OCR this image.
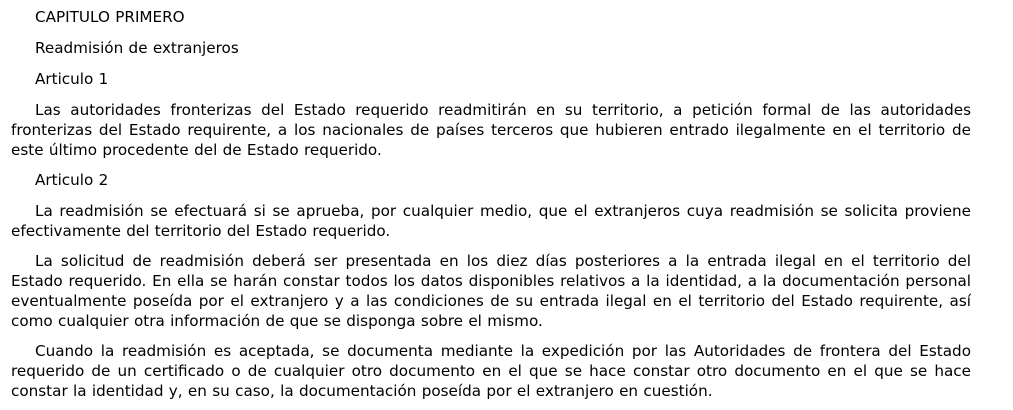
CAPITULO PRIMERO

Readmisión de extranjeros

Articulo 1

Las autoridades fronterizas del Estado requerido readmitirán en su territorio, a petición formal de las autoridades fronterizas del Estado requirente, a los nacionales de países terceros que hubieren entrado ilegalmente en el territorio de este último procedente del de Estado requerido.

Articulo 2

La readmisión se efectuará si se aprueba, por cualquier medio, que el extranjeros cuya readmisión se solicita proviene efectivamente del territorio del Estado requerido.

La solicitud de readmisión deberá ser presentada en los diez días posteriores a la entrada ilegal en el territorio del Estado requerido. En ella se harán constar todos los datos disponibles relativos a la identidad, a la documentación personal eventualmente poseída por el extranjero y a las condiciones de su entrada ilegal en el territorio del Estado requirente, así como cualquier otra información de que se disponga sobre el mismo.

Cuando la readmisión es aceptada, se documenta mediante la expedición por las Autoridades de frontera del Estado requerido de un certificado o de cualquier otro documento en el que se hace constar otro documento en el que se hace constar la identidad y, en su caso, la documentación poseída por el extranjero en cuestión.
